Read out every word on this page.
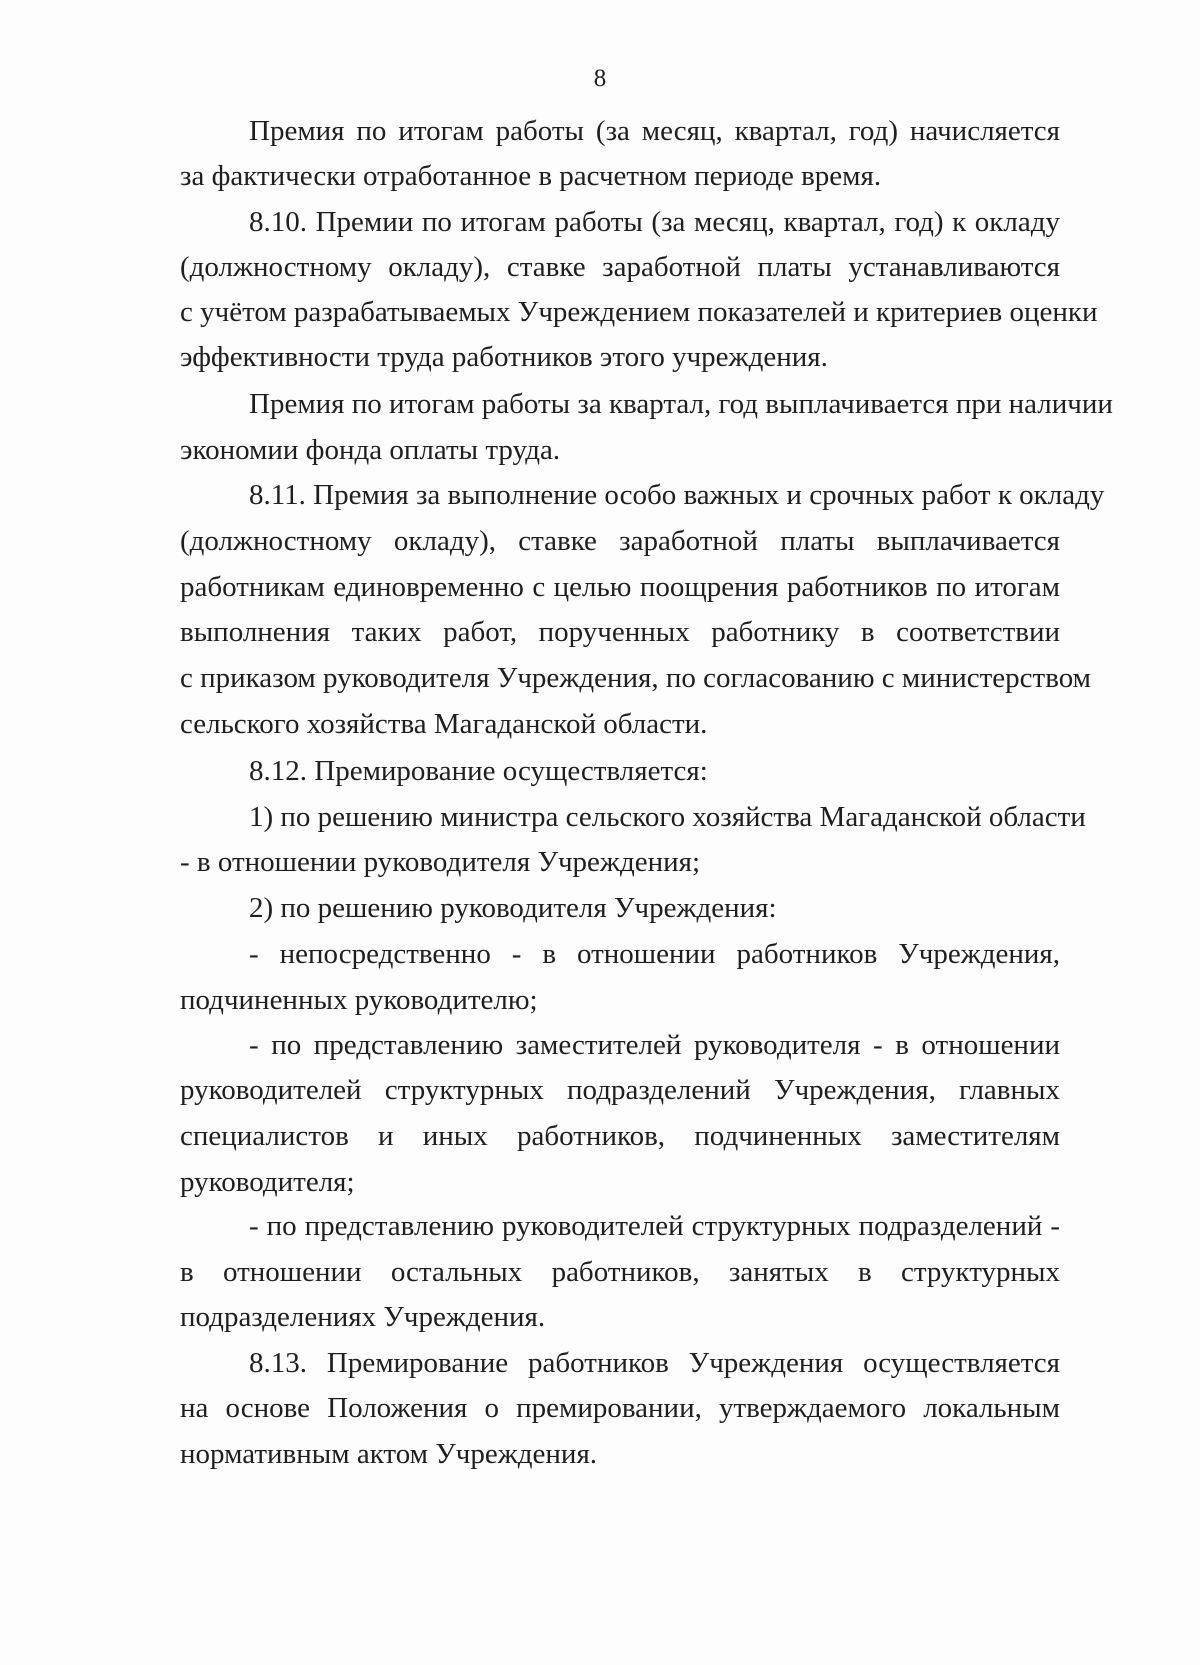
8
Премия по итогам работы (за месяц, квартал, год) начисляется
за фактически отработанное в расчетном периоде время.
8.10. Премии по итогам работы (за месяц, квартал, год) к окладу
(должностному окладу), ставке заработной платы устанавливаются
с учётом разрабатываемых Учреждением показателей и критериев оценки
эффективности труда работников этого учреждения.
Премия по итогам работы за квартал, год выплачивается при наличии
экономии фонда оплаты труда.
8.11. Премия за выполнение особо важных и срочных работ к окладу
(должностному окладу), ставке заработной платы выплачивается
работникам единовременно с целью поощрения работников по итогам
выполнения таких работ, порученных работнику в соответствии
с приказом руководителя Учреждения, по согласованию с министерством
сельского хозяйства Магаданской области.
8.12. Премирование осуществляется:
1) по решению министра сельского хозяйства Магаданской области
- в отношении руководителя Учреждения;
2) по решению руководителя Учреждения:
- непосредственно - в отношении работников Учреждения,
подчиненных руководителю;
- по представлению заместителей руководителя - в отношении
руководителей структурных подразделений Учреждения, главных
специалистов и иных работников, подчиненных заместителям
руководителя;
- по представлению руководителей структурных подразделений -
в отношении остальных работников, занятых в структурных
подразделениях Учреждения.
8.13. Премирование работников Учреждения осуществляется
на основе Положения о премировании, утверждаемого локальным
нормативным актом Учреждения.
